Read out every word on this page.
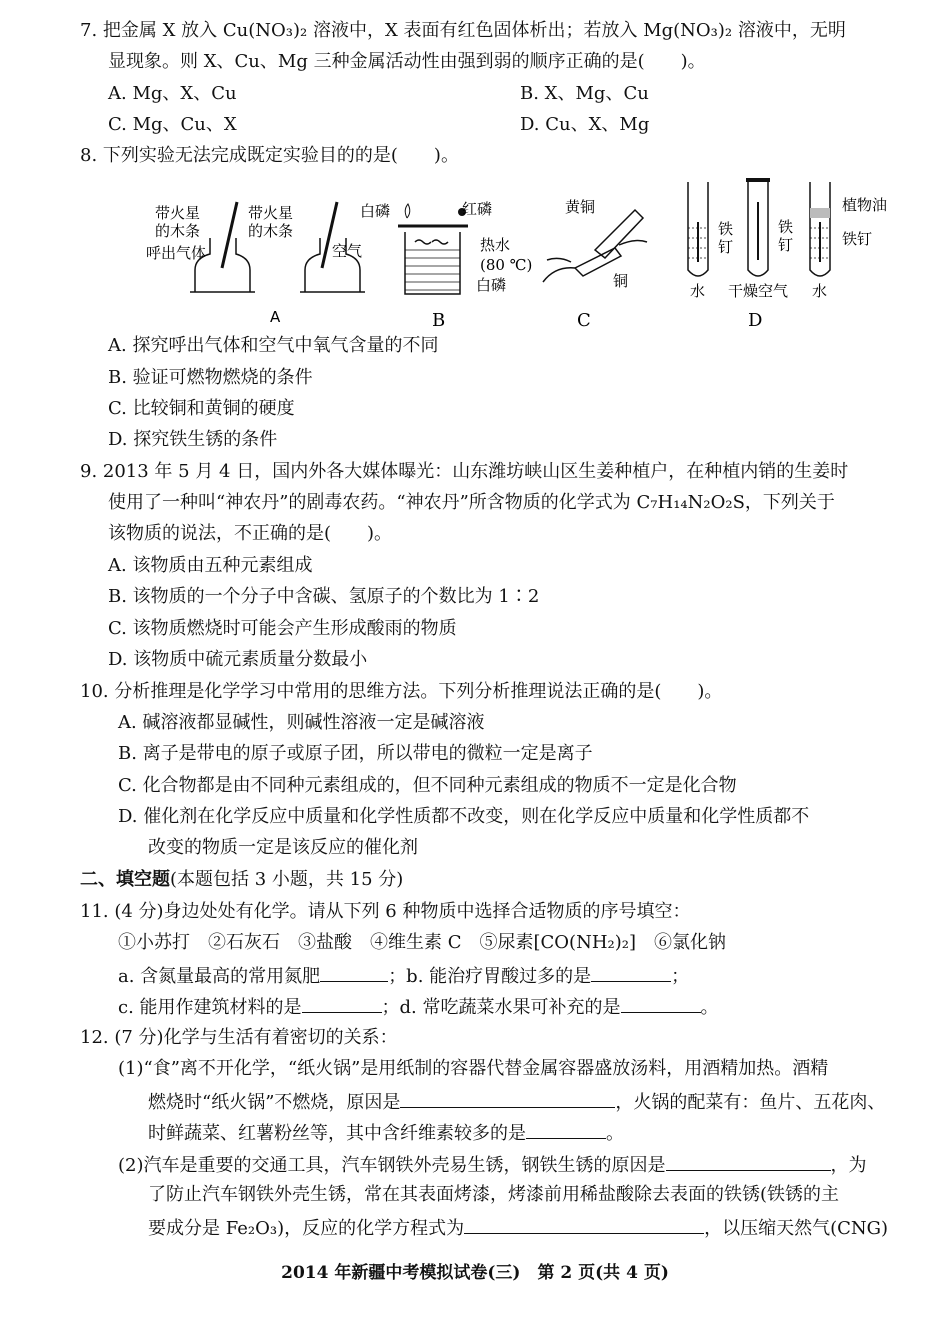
7. 把金属 X 放入 Cu(NO₃)₂ 溶液中，X 表面有红色固体析出；若放入 Mg(NO₃)₂ 溶液中，无明
显现象。则 X、Cu、Mg 三种金属活动性由强到弱的顺序正确的是(　　)。
A. Mg、X、Cu	B. X、Mg、Cu
C. Mg、Cu、X	D. Cu、X、Mg
8. 下列实验无法完成既定实验目的的是(　　)。
A
带火星
的木条
带火星
的木条
呼出气体	空气
白磷	红磷
热水
(80 ℃)
白磷
B
黄铜
铜
C
铁
钉
铁
钉
植物油
铁钉
水 干燥空气 水
D
A. 探究呼出气体和空气中氧气含量的不同
B. 验证可燃物燃烧的条件
C. 比较铜和黄铜的硬度
D. 探究铁生锈的条件
9. 2013 年 5 月 4 日，国内外各大媒体曝光：山东潍坊峡山区生姜种植户，在种植内销的生姜时
使用了一种叫“神农丹”的剧毒农药。“神农丹”所含物质的化学式为 C₇H₁₄N₂O₂S，下列关于
该物质的说法，不正确的是(　　)。
A. 该物质由五种元素组成
B. 该物质的一个分子中含碳、氢原子的个数比为 1∶2
C. 该物质燃烧时可能会产生形成酸雨的物质
D. 该物质中硫元素质量分数最小
10. 分析推理是化学学习中常用的思维方法。下列分析推理说法正确的是(　　)。
A. 碱溶液都显碱性，则碱性溶液一定是碱溶液
B. 离子是带电的原子或原子团，所以带电的微粒一定是离子
C. 化合物都是由不同种元素组成的，但不同种元素组成的物质不一定是化合物
D. 催化剂在化学反应中质量和化学性质都不改变，则在化学反应中质量和化学性质都不
改变的物质一定是该反应的催化剂
二、填空题(本题包括 3 小题，共 15 分)
11. (4 分)身边处处有化学。请从下列 6 种物质中选择合适物质的序号填空：
①小苏打　②石灰石　③盐酸　④维生素 C　⑤尿素[CO(NH₂)₂]　⑥氯化钠
a. 含氮量最高的常用氮肥	；b. 能治疗胃酸过多的是	；
c. 能用作建筑材料的是	；d. 常吃蔬菜水果可补充的是	。
12. (7 分)化学与生活有着密切的关系：
(1)“食”离不开化学，“纸火锅”是用纸制的容器代替金属容器盛放汤料，用酒精加热。酒精
燃烧时“纸火锅”不燃烧，原因是	，火锅的配菜有：鱼片、五花肉、
时鲜蔬菜、红薯粉丝等，其中含纤维素较多的是	。
(2)汽车是重要的交通工具，汽车钢铁外壳易生锈，钢铁生锈的原因是	，为
了防止汽车钢铁外壳生锈，常在其表面烤漆，烤漆前用稀盐酸除去表面的铁锈(铁锈的主
要成分是 Fe₂O₃)，反应的化学方程式为	，以压缩天然气(CNG)
2014 年新疆中考模拟试卷(三)　第 2 页(共 4 页)
